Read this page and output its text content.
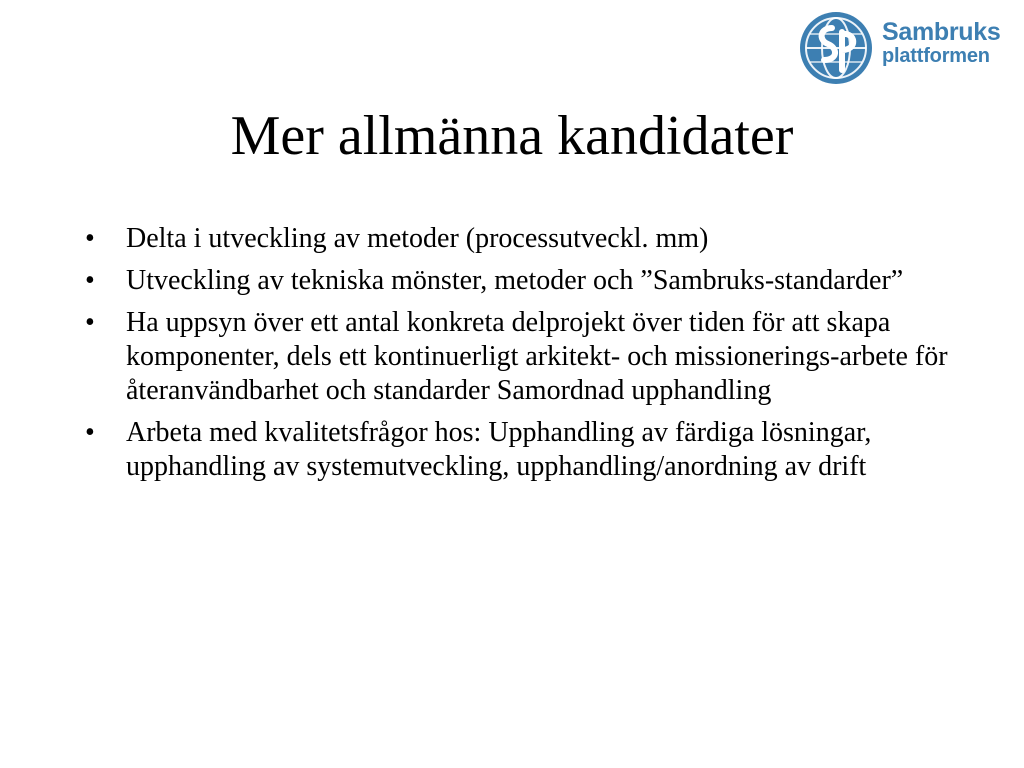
Sambruks
plattformen
Mer allmänna kandidater
• Delta i utveckling av metoder (processutveckl. mm)
• Utveckling av tekniska mönster, metoder och ”Sambruks-standarder”
• Ha uppsyn över ett antal konkreta delprojekt över tiden för att skapa komponenter, dels ett kontinuerligt arkitekt- och missionerings-arbete för återanvändbarhet och standarder Samordnad upphandling
• Arbeta med kvalitetsfrågor hos: Upphandling av färdiga lösningar, upphandling av systemutveckling, upphandling/anordning av drift
